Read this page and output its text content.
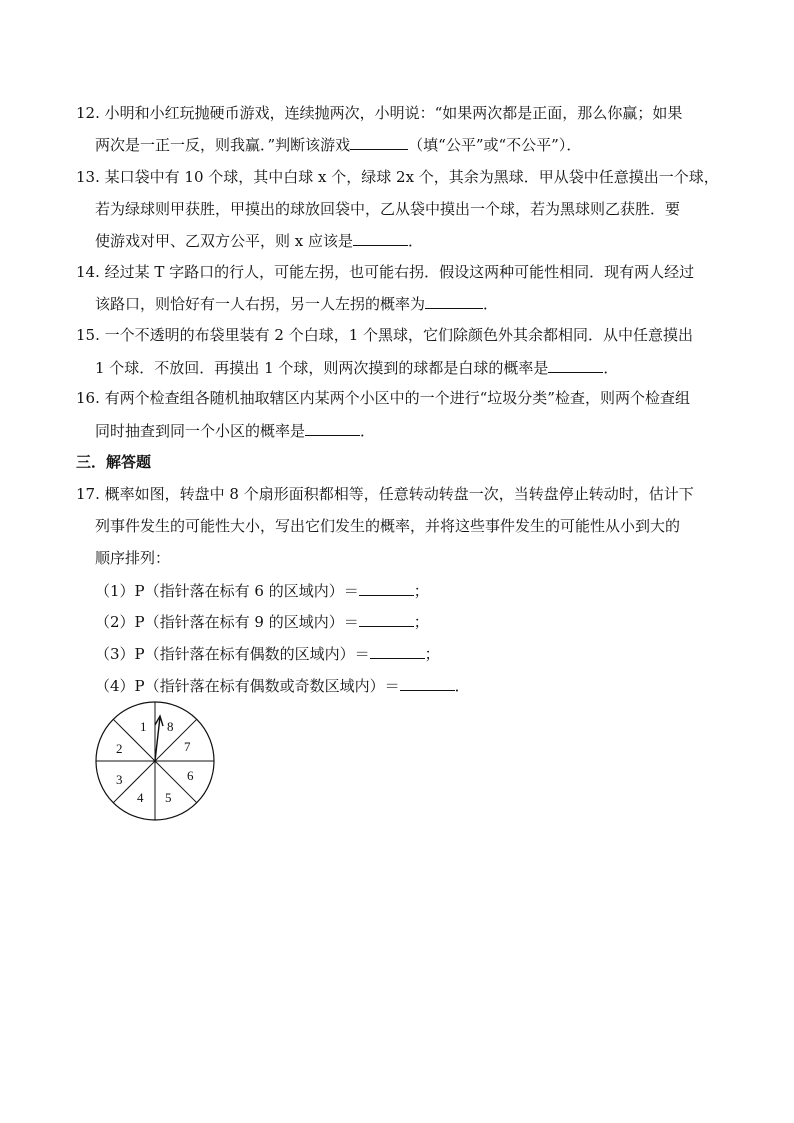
12. 小明和小红玩抛硬币游戏，连续抛两次，小明说：“如果两次都是正面，那么你赢；如果
两次是一正一反，则我赢．”判断该游戏	（填“公平”或“不公平”）．
13. 某口袋中有 10 个球，其中白球 x 个，绿球 2x 个，其余为黑球．甲从袋中任意摸出一个球，
若为绿球则甲获胜，甲摸出的球放回袋中，乙从袋中摸出一个球，若为黑球则乙获胜．要
使游戏对甲、乙双方公平，则 x 应该是	．
14. 经过某 T 字路口的行人，可能左拐，也可能右拐．假设这两种可能性相同．现有两人经过
该路口，则恰好有一人右拐，另一人左拐的概率为	．
15. 一个不透明的布袋里装有 2 个白球，1 个黑球，它们除颜色外其余都相同．从中任意摸出
1 个球．不放回．再摸出 1 个球，则两次摸到的球都是白球的概率是	．
16. 有两个检查组各随机抽取辖区内某两个小区中的一个进行“垃圾分类”检查，则两个检查组
同时抽查到同一个小区的概率是	．
三．解答题
17. 概率如图，转盘中 8 个扇形面积都相等，任意转动转盘一次，当转盘停止转动时，估计下
列事件发生的可能性大小，写出它们发生的概率，并将这些事件发生的可能性从小到大的
顺序排列：
（1）P（指针落在标有 6 的区域内）＝	；
（2）P（指针落在标有 9 的区域内）＝	；
（3）P（指针落在标有偶数的区域内）＝	；
（4）P（指针落在标有偶数或奇数区域内）＝	．
1
2
3
4 5
6
7
8
